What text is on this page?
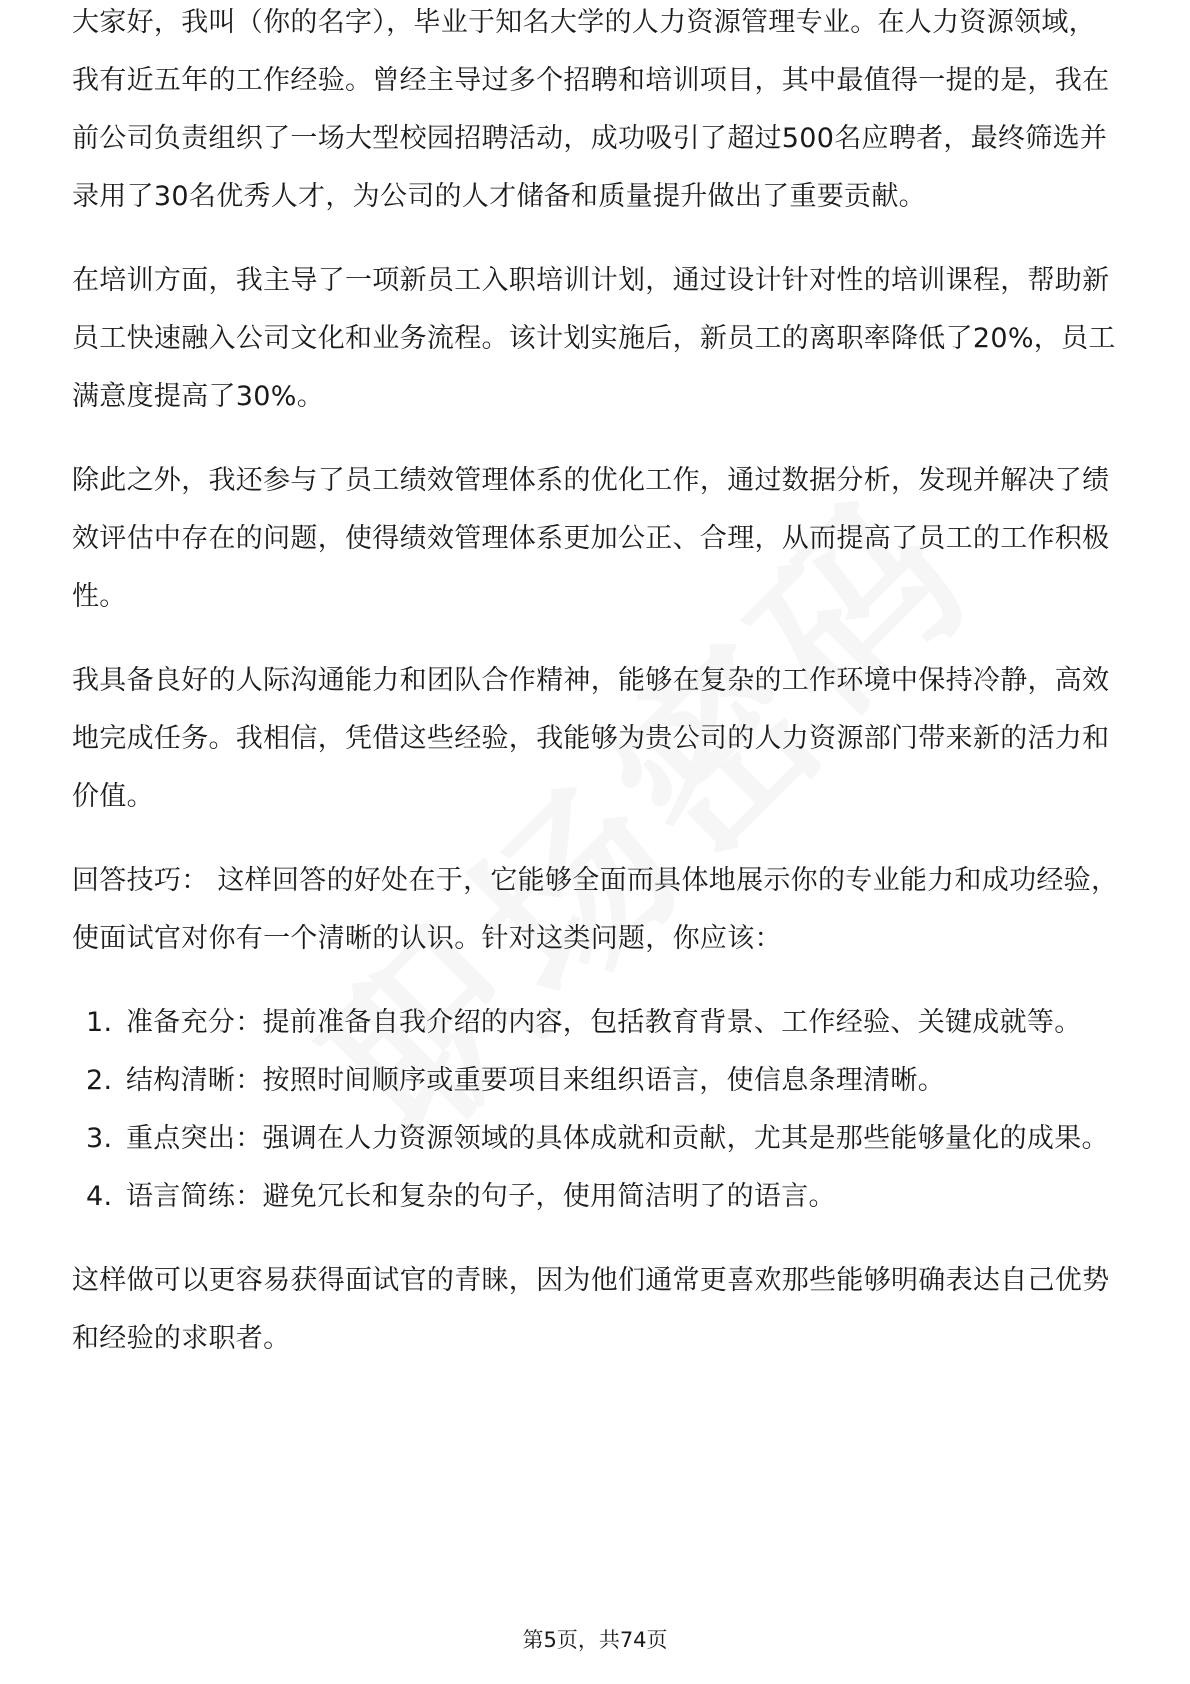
大家好，我叫（你的名字），毕业于知名大学的人力资源管理专业。在人力资源领域，我有近五年的工作经验。曾经主导过多个招聘和培训项目，其中最值得一提的是，我在前公司负责组织了一场大型校园招聘活动，成功吸引了超过500名应聘者，最终筛选并录用了30名优秀人才，为公司的人才储备和质量提升做出了重要贡献。

在培训方面，我主导了一项新员工入职培训计划，通过设计针对性的培训课程，帮助新员工快速融入公司文化和业务流程。该计划实施后，新员工的离职率降低了20%，员工满意度提高了30%。

除此之外，我还参与了员工绩效管理体系的优化工作，通过数据分析，发现并解决了绩效评估中存在的问题，使得绩效管理体系更加公正、合理，从而提高了员工的工作积极性。

我具备良好的人际沟通能力和团队合作精神，能够在复杂的工作环境中保持冷静，高效地完成任务。我相信，凭借这些经验，我能够为贵公司的人力资源部门带来新的活力和价值。

回答技巧： 这样回答的好处在于，它能够全面而具体地展示你的专业能力和成功经验，使面试官对你有一个清晰的认识。针对这类问题，你应该：

1. 准备充分：提前准备自我介绍的内容，包括教育背景、工作经验、关键成就等。
2. 结构清晰：按照时间顺序或重要项目来组织语言，使信息条理清晰。
3. 重点突出：强调在人力资源领域的具体成就和贡献，尤其是那些能够量化的成果。
4. 语言简练：避免冗长和复杂的句子，使用简洁明了的语言。

这样做可以更容易获得面试官的青睐，因为他们通常更喜欢那些能够明确表达自己优势和经验的求职者。

第5页，共74页
